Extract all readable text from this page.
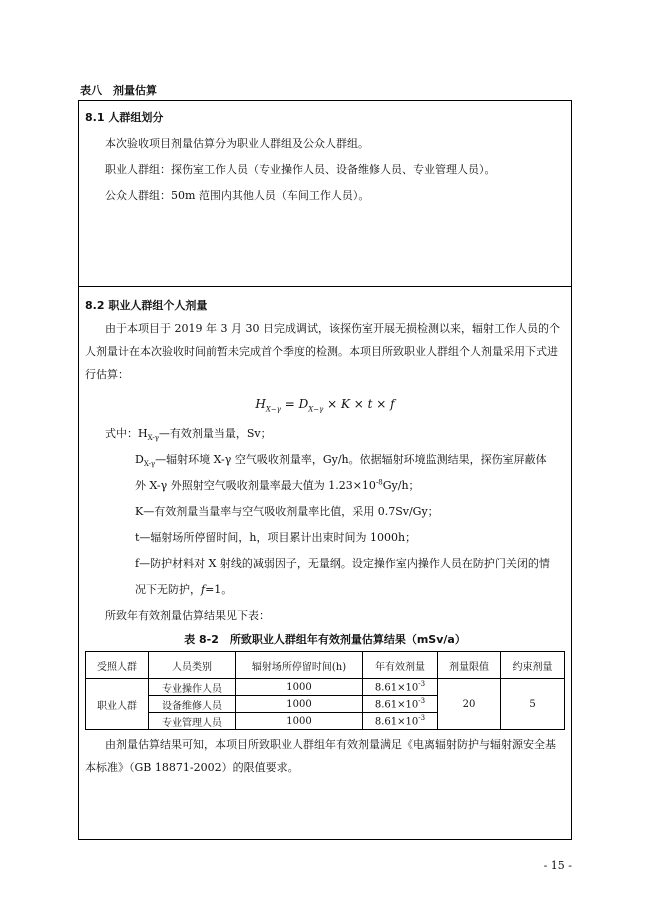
表八　剂量估算
8.1 人群组划分
本次验收项目剂量估算分为职业人群组及公众人群组。
职业人群组：探伤室工作人员（专业操作人员、设备维修人员、专业管理人员）。
公众人群组：50m 范围内其他人员（车间工作人员）。
8.2 职业人群组个人剂量
由于本项目于 2019 年 3 月 30 日完成调试，该探伤室开展无损检测以来，辐射工作人员的个人剂量计在本次验收时间前暂未完成首个季度的检测。本项目所致职业人群组个人剂量采用下式进行估算：
$H_{X-\gamma} = D_{X-\gamma} \times K \times t \times f$
式中：$H_{X-\gamma}—$有效剂量当量，Sv；
$D_{X-\gamma}—$辐射环境 X-γ 空气吸收剂量率，Gy/h。依据辐射环境监测结果，探伤室屏蔽体
外 X-γ 外照射空气吸收剂量率最大值为 $1.23\times 10^{-8}Gy/h$；
K—有效剂量当量率与空气吸收剂量率比值，采用 0.7Sv/Gy；
t—辐射场所停留时间，h，项目累计出束时间为 1000h；
f—防护材料对 X 射线的减弱因子，无量纲。设定操作室内操作人员在防护门关闭的情
况下无防护，f=1。
所致年有效剂量估算结果见下表：
表 8-2　所致职业人群组年有效剂量估算结果（mSv/a）
受照人群	人员类别	辐射场所停留时间(h)	年有效剂量	剂量限值	约束剂量
职业人群	专业操作人员	1000	$8.61\times 10^{-3}$	20	5
	设备维修人员	1000	$8.61\times 10^{-3}$
	专业管理人员	1000	$8.61\times 10^{-3}$
由剂量估算结果可知，本项目所致职业人群组年有效剂量满足《电离辐射防护与辐射源安全基本标准》（GB 18871-2002）的限值要求。
- 15 -
